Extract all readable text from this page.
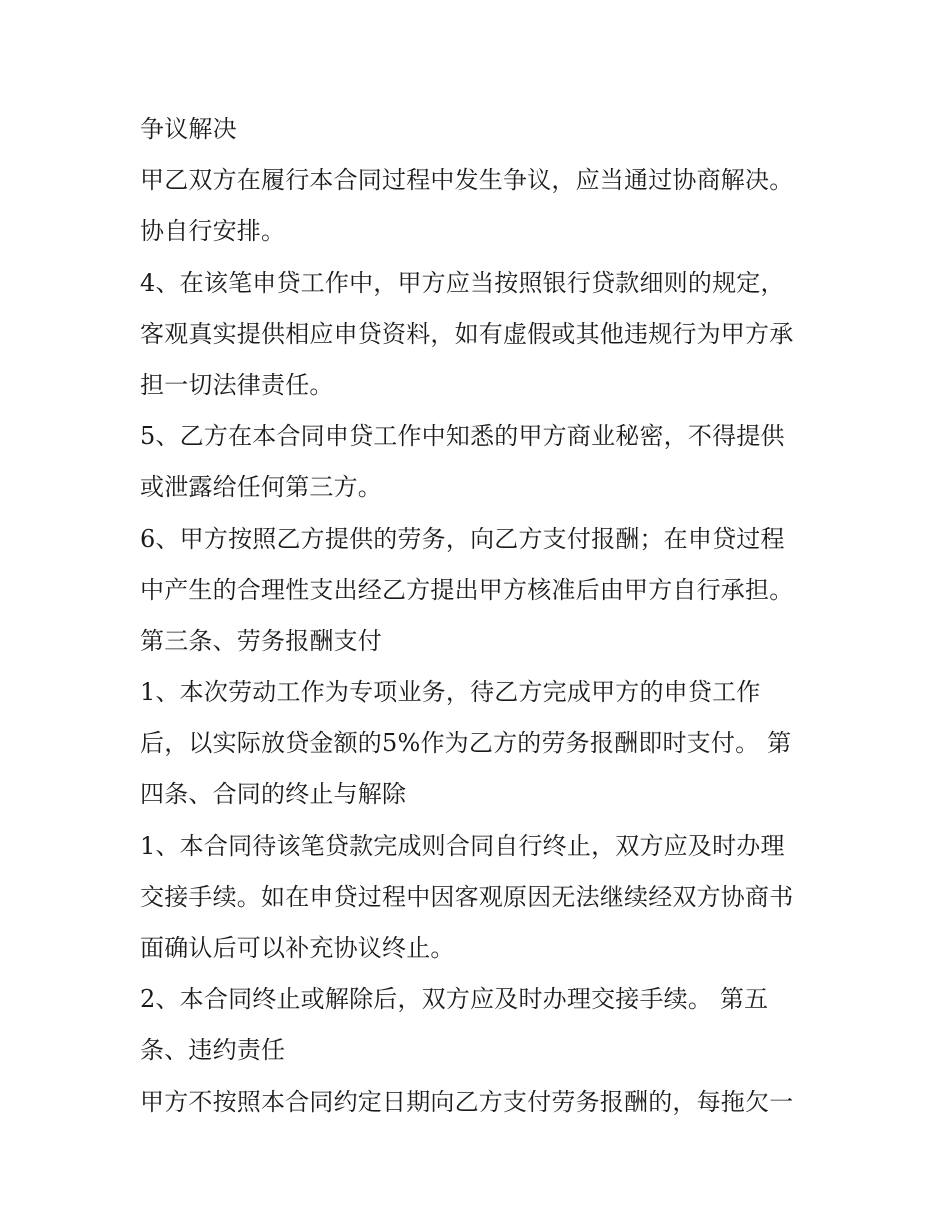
争议解决
甲乙双方在履行本合同过程中发生争议，应当通过协商解决。
协自行安排。
4、在该笔申贷工作中，甲方应当按照银行贷款细则的规定，
客观真实提供相应申贷资料，如有虚假或其他违规行为甲方承
担一切法律责任。
5、乙方在本合同申贷工作中知悉的甲方商业秘密，不得提供
或泄露给任何第三方。
6、甲方按照乙方提供的劳务，向乙方支付报酬；在申贷过程
中产生的合理性支出经乙方提出甲方核准后由甲方自行承担。
第三条、劳务报酬支付
1、本次劳动工作为专项业务，待乙方完成甲方的申贷工作
后，以实际放贷金额的5%作为乙方的劳务报酬即时支付。 第
四条、合同的终止与解除
1、本合同待该笔贷款完成则合同自行终止，双方应及时办理
交接手续。如在申贷过程中因客观原因无法继续经双方协商书
面确认后可以补充协议终止。
2、本合同终止或解除后，双方应及时办理交接手续。 第五
条、违约责任
甲方不按照本合同约定日期向乙方支付劳务报酬的，每拖欠一
